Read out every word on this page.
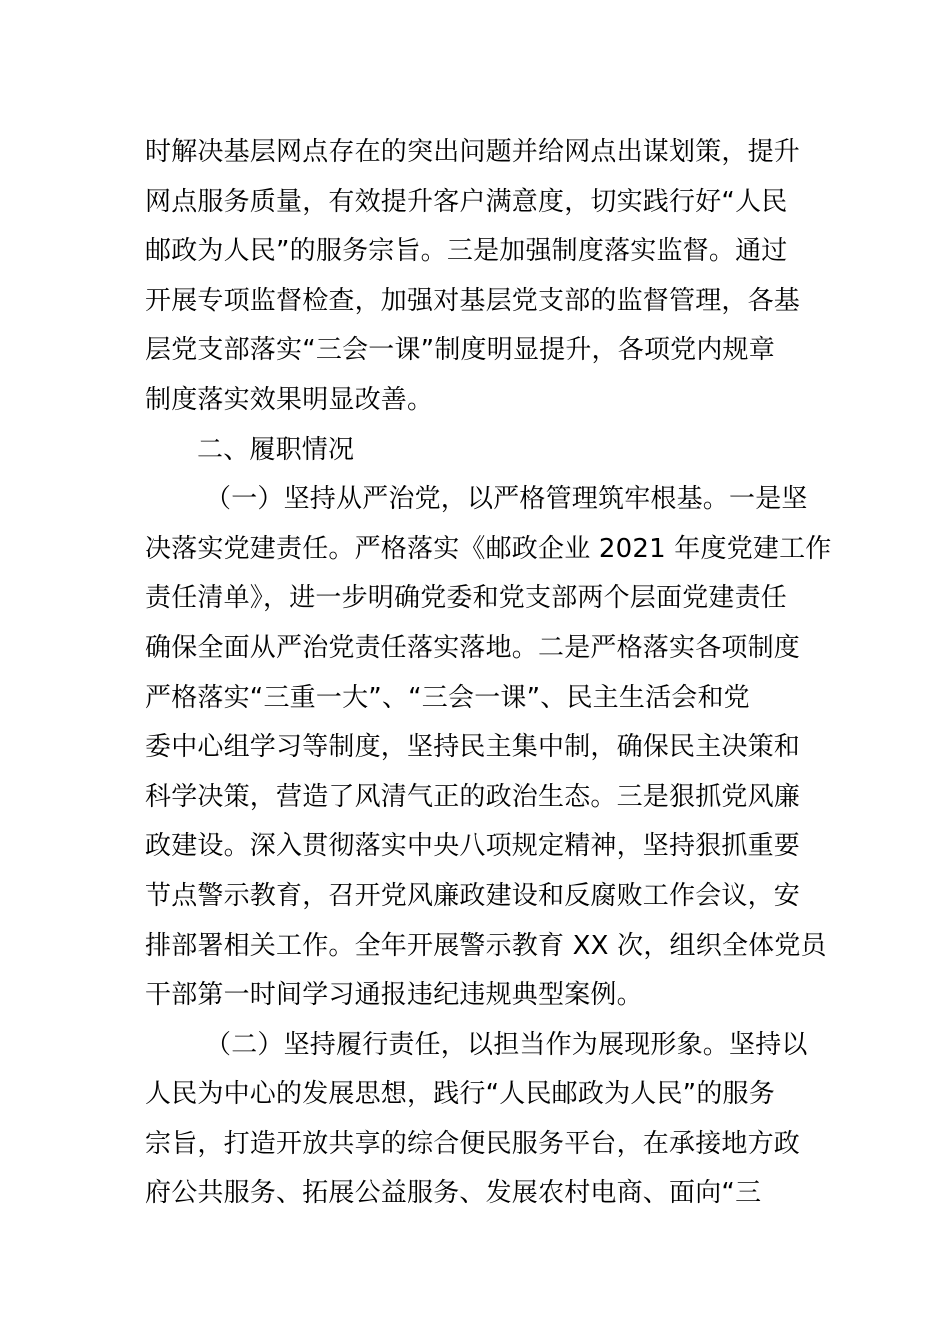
时解决基层网点存在的突出问题并给网点出谋划策，提升
网点服务质量，有效提升客户满意度，切实践行好“人民
邮政为人民”的服务宗旨。三是加强制度落实监督。通过
开展专项监督检查，加强对基层党支部的监督管理，各基
层党支部落实“三会一课”制度明显提升，各项党内规章
制度落实效果明显改善。
二、履职情况
（一）坚持从严治党，以严格管理筑牢根基。一是坚
决落实党建责任。严格落实《邮政企业 2021 年度党建工作
责任清单》，进一步明确党委和党支部两个层面党建责任
确保全面从严治党责任落实落地。二是严格落实各项制度
严格落实“三重一大”、“三会一课”、民主生活会和党
委中心组学习等制度，坚持民主集中制，确保民主决策和
科学决策，营造了风清气正的政治生态。三是狠抓党风廉
政建设。深入贯彻落实中央八项规定精神，坚持狠抓重要
节点警示教育，召开党风廉政建设和反腐败工作会议，安
排部署相关工作。全年开展警示教育 XX 次，组织全体党员
干部第一时间学习通报违纪违规典型案例。
（二）坚持履行责任，以担当作为展现形象。坚持以
人民为中心的发展思想，践行“人民邮政为人民”的服务
宗旨，打造开放共享的综合便民服务平台，在承接地方政
府公共服务、拓展公益服务、发展农村电商、面向“三
